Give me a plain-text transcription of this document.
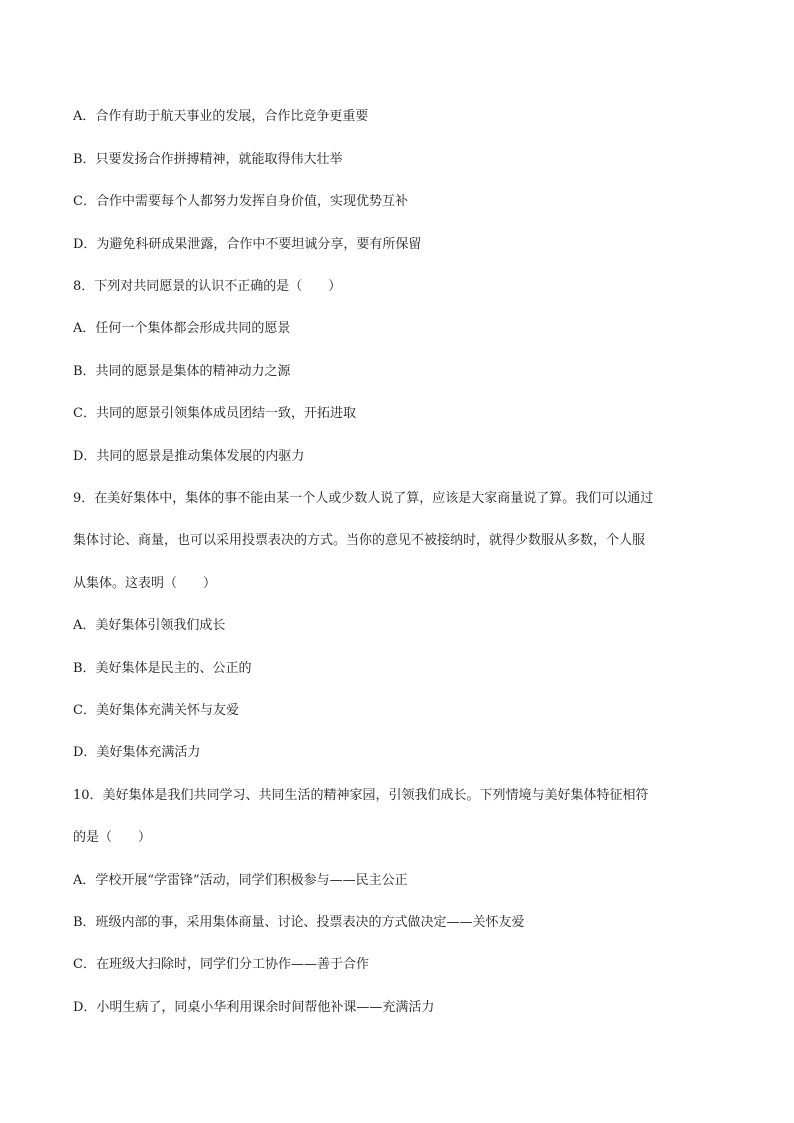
A．合作有助于航天事业的发展，合作比竞争更重要
B．只要发扬合作拼搏精神，就能取得伟大壮举
C．合作中需要每个人都努力发挥自身价值，实现优势互补
D．为避免科研成果泄露，合作中不要坦诚分享，要有所保留
8．下列对共同愿景的认识不正确的是（　　）
A．任何一个集体都会形成共同的愿景
B．共同的愿景是集体的精神动力之源
C．共同的愿景引领集体成员团结一致，开拓进取
D．共同的愿景是推动集体发展的内驱力
9．在美好集体中，集体的事不能由某一个人或少数人说了算，应该是大家商量说了算。我们可以通过
集体讨论、商量，也可以采用投票表决的方式。当你的意见不被接纳时，就得少数服从多数，个人服
从集体。这表明（　　）
A．美好集体引领我们成长
B．美好集体是民主的、公正的
C．美好集体充满关怀与友爱
D．美好集体充满活力
10．美好集体是我们共同学习、共同生活的精神家园，引领我们成长。下列情境与美好集体特征相符
的是（　　）
A．学校开展“学雷锋”活动，同学们积极参与——民主公正
B．班级内部的事，采用集体商量、讨论、投票表决的方式做决定——关怀友爱
C．在班级大扫除时，同学们分工协作——善于合作
D．小明生病了，同桌小华利用课余时间帮他补课——充满活力
